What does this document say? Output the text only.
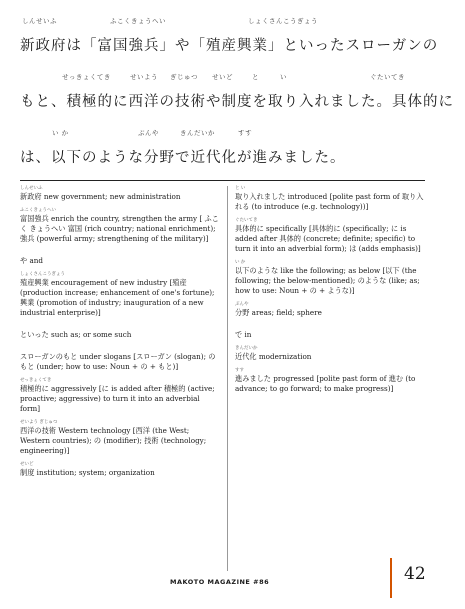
しんせいふ	ふこくきょうへい	しょくさんこうぎょう
新政府は「富国強兵」や「殖産興業」といったスローガンの
せっきょくてき	せいよう ぎじゅつ せいど	と	い	ぐたいてき
もと、積極的に西洋の技術や制度を取り入れました。具体的に
い か	ぶんや	きんだいか	すす
は、以下のような分野で近代化が進みました。
しんせいふ
新政府 new government; new administration
ふこくきょうへい
富国強兵 enrich the country, strengthen the army [ ふこく きょうへい 富国 (rich country; national enrichment); 強兵 (powerful army; strengthening of the military)]
や and
しょくさんこうぎょう
殖産興業 encouragement of new industry [殖産 (production increase; enhancement of one's fortune); 興業 (promotion of industry; inauguration of a new industrial enterprise)]
といった such as; or some such
スローガンのもと under slogans [スローガン (slogan); のもと (under; how to use: Noun + の + もと)]
せっきょくてき
積極的に aggressively [に is added after 積極的 (active; proactive; aggressive) to turn it into an adverbial form]
せいよう ぎじゅつ
西洋の技術 Western technology [西洋 (the West; Western countries); の (modifier); 技術 (technology; engineering)]
せいど
制度 institution; system; organization
と い
取り入れました introduced [polite past form of 取り入れる (to introduce (e.g. technology))]
ぐたいてき
具体的に specifically [具体的に (specifically; に is added after 具体的 (concrete; definite; specific) to turn it into an adverbial form); は (adds emphasis)]
い か
以下のような like the following; as below [以下 (the following; the below-mentioned); のような (like; as; how to use: Noun + の + ような)]
ぶんや
分野 areas; field; sphere
で in
きんだいか
近代化 modernization
すす
進みました progressed [polite past form of 進む (to advance; to go forward; to make progress)]
MAKOTO MAGAZINE #86	42
